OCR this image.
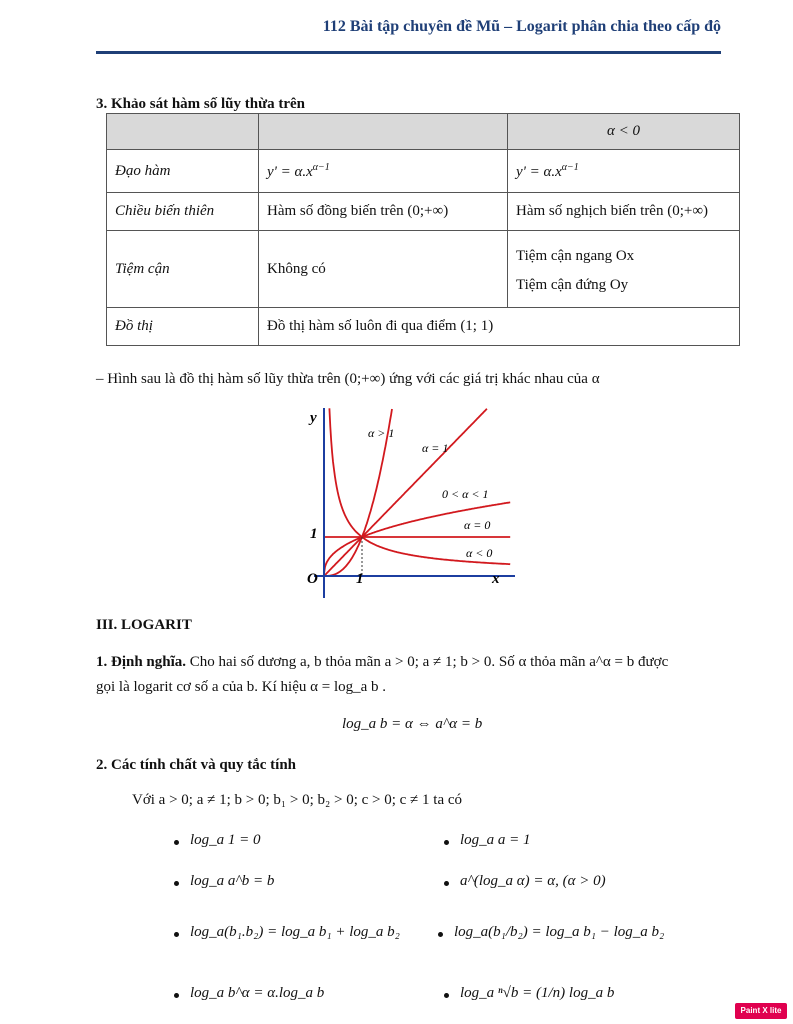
112 Bài tập chuyên đề Mũ – Logarit phân chia theo cấp độ
3. Khảo sát hàm số lũy thừa trên
		α < 0
Đạo hàm	$y' = \alpha.x^{\alpha-1}$	$y' = \alpha.x^{\alpha-1}$
Chiều biến thiên	Hàm số đồng biến trên (0;+∞)	Hàm số nghịch biến trên (0;+∞)
Tiệm cận	Không có	Tiệm cận ngang Ox
Tiệm cận đứng Oy

Đồ thị	Đồ thị hàm số luôn đi qua điểm (1; 1)	
– Hình sau là đồ thị hàm số lũy thừa trên (0;+∞) ứng với các giá trị khác nhau của α
y
x
O	1
1
α > 1
α = 1
0 < α < 1
α = 0
α < 0
III. LOGARIT
1. Định nghĩa. Cho hai số dương a, b thỏa mãn a > 0; a ≠ 1; b > 0. Số α thỏa mãn a^α = b được
gọi là logarit cơ số a của b. Kí hiệu α = log_a b .
log_a b = α ⇔ a^α = b
2. Các tính chất và quy tắc tính
Với a > 0; a ≠ 1; b > 0; b₁ > 0; b₂ > 0; c > 0; c ≠ 1 ta có
log_a 1 = 0	log_a a = 1
log_a a^b = b	a^(log_a α) = α, (α > 0)
log_a(b₁.b₂) = log_a b₁ + log_a b₂	log_a(b₁/b₂) = log_a b₁ − log_a b₂
log_a b^α = α.log_a b	log_a ⁿ√b = (1/n) log_a b
Paint X lite
